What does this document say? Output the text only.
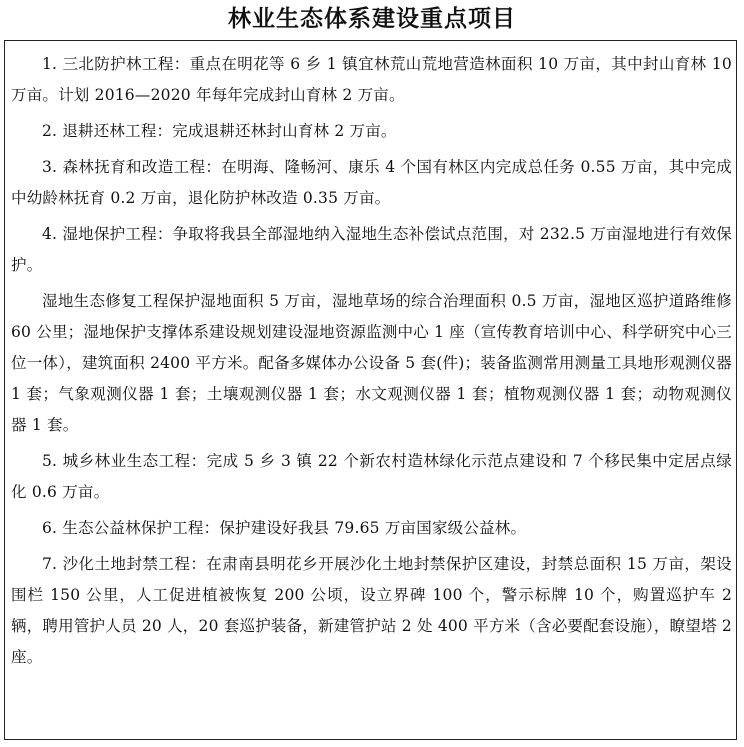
林业生态体系建设重点项目

1. 三北防护林工程：重点在明花等 6 乡 1 镇宜林荒山荒地营造林面积 10 万亩，其中封山育林 10 万亩。计划 2016—2020 年每年完成封山育林 2 万亩。

2. 退耕还林工程：完成退耕还林封山育林 2 万亩。

3. 森林抚育和改造工程：在明海、隆畅河、康乐 4 个国有林区内完成总任务 0.55 万亩，其中完成中幼龄林抚育 0.2 万亩，退化防护林改造 0.35 万亩。

4. 湿地保护工程：争取将我县全部湿地纳入湿地生态补偿试点范围，对 232.5 万亩湿地进行有效保护。

湿地生态修复工程保护湿地面积 5 万亩，湿地草场的综合治理面积 0.5 万亩，湿地区巡护道路维修 60 公里；湿地保护支撑体系建设规划建设湿地资源监测中心 1 座（宣传教育培训中心、科学研究中心三位一体），建筑面积 2400 平方米。配备多媒体办公设备 5 套(件)；装备监测常用测量工具地形观测仪器 1 套；气象观测仪器 1 套；土壤观测仪器 1 套；水文观测仪器 1 套；植物观测仪器 1 套；动物观测仪器 1 套。

5. 城乡林业生态工程：完成 5 乡 3 镇 22 个新农村造林绿化示范点建设和 7 个移民集中定居点绿化 0.6 万亩。

6. 生态公益林保护工程：保护建设好我县 79.65 万亩国家级公益林。

7. 沙化土地封禁工程：在肃南县明花乡开展沙化土地封禁保护区建设，封禁总面积 15 万亩，架设围栏 150 公里，人工促进植被恢复 200 公顷，设立界碑 100 个，警示标牌 10 个，购置巡护车 2 辆，聘用管护人员 20 人，20 套巡护装备，新建管护站 2 处 400 平方米（含必要配套设施），瞭望塔 2 座。
